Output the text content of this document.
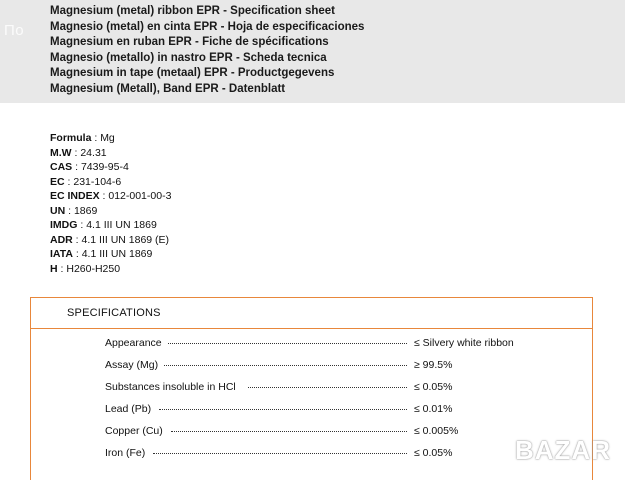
По
Magnesium (metal) ribbon EPR - Specification sheet
Magnesio (metal) en cinta EPR - Hoja de especificaciones
Magnesium en ruban EPR - Fiche de spécifications
Magnesio (metallo) in nastro EPR - Scheda tecnica
Magnesium in tape (metaal) EPR - Productgegevens
Magnesium (Metall), Band EPR - Datenblatt
Formula : Mg
M.W : 24.31
CAS : 7439-95-4
EC : 231-104-6
EC INDEX : 012-001-00-3
UN : 1869
IMDG : 4.1 III UN 1869
ADR : 4.1 III UN 1869 (E)
IATA : 4.1 III UN 1869
H : H260-H250
SPECIFICATIONS
Appearance	≤ Silvery white ribbon
Assay (Mg)	≥ 99.5%
Substances insoluble in HCl	≤ 0.05%
Lead (Pb)	≤ 0.01%
Copper (Cu)	≤ 0.005%
Iron (Fe)	≤ 0.05% BAZAR
